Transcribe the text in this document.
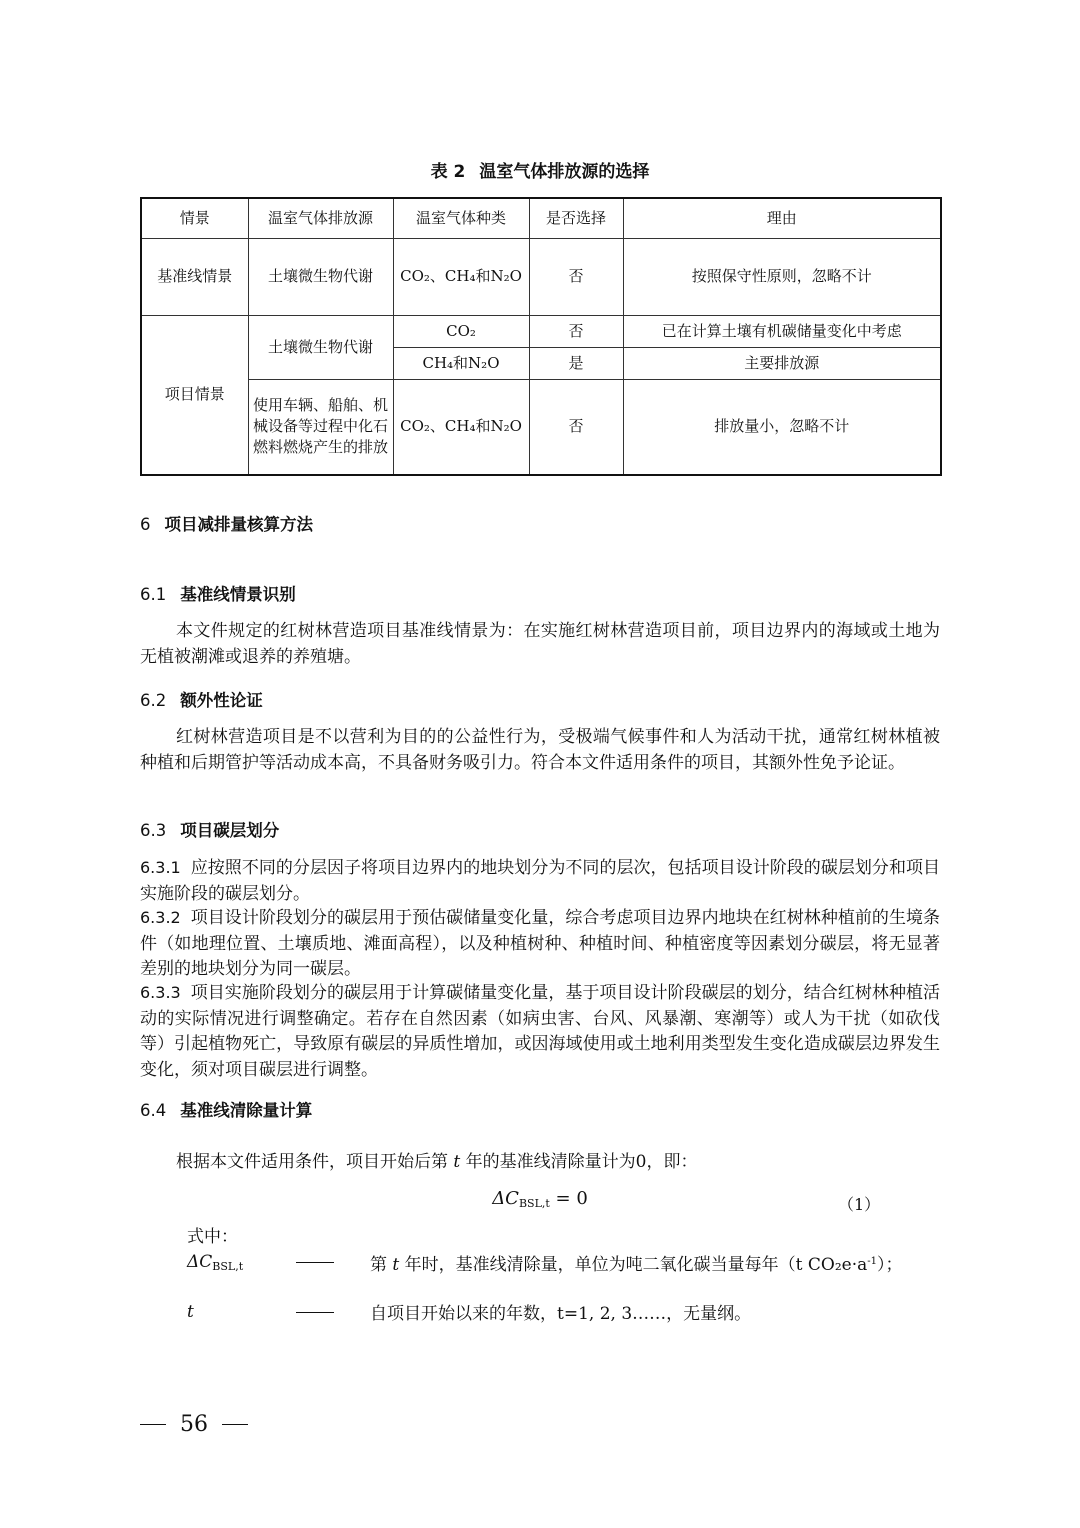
表 2 温室气体排放源的选择
情景	温室气体排放源	温室气体种类	是否选择	理由
基准线情景	土壤微生物代谢	CO₂、CH₄和N₂O	否	按照保守性原则，忽略不计
项目情景	土壤微生物代谢	CO₂	否	已在计算土壤有机碳储量变化中考虑
		CH₄和N₂O	是	主要排放源
	使用车辆、船舶、机械设备等过程中化石燃料燃烧产生的排放	CO₂、CH₄和N₂O	否	排放量小，忽略不计
6 项目减排量核算方法
6.1 基准线情景识别
本文件规定的红树林营造项目基准线情景为：在实施红树林营造项目前，项目边界内的海域或土地为无植被潮滩或退养的养殖塘。
6.2 额外性论证
红树林营造项目是不以营利为目的的公益性行为，受极端气候事件和人为活动干扰，通常红树林植被种植和后期管护等活动成本高，不具备财务吸引力。符合本文件适用条件的项目，其额外性免予论证。
6.3 项目碳层划分
6.3.1 应按照不同的分层因子将项目边界内的地块划分为不同的层次，包括项目设计阶段的碳层划分和项目实施阶段的碳层划分。
6.3.2 项目设计阶段划分的碳层用于预估碳储量变化量，综合考虑项目边界内地块在红树林种植前的生境条件（如地理位置、土壤质地、滩面高程），以及种植树种、种植时间、种植密度等因素划分碳层，将无显著差别的地块划分为同一碳层。
6.3.3 项目实施阶段划分的碳层用于计算碳储量变化量，基于项目设计阶段碳层的划分，结合红树林种植活动的实际情况进行调整确定。若存在自然因素（如病虫害、台风、风暴潮、寒潮等）或人为干扰（如砍伐等）引起植物死亡，导致原有碳层的异质性增加，或因海域使用或土地利用类型发生变化造成碳层边界发生变化，须对项目碳层进行调整。
6.4 基准线清除量计算
根据本文件适用条件，项目开始后第 t 年的基准线清除量计为0，即：
$\Delta C_{BSL,t} = 0$	（1）
式中：
$\Delta C_{BSL,t}$	第 t 年时，基准线清除量，单位为吨二氧化碳当量每年（t $CO_2e\cdot a^{-1}$）；
t	自项目开始以来的年数，t=1, 2, 3……，无量纲。
56
